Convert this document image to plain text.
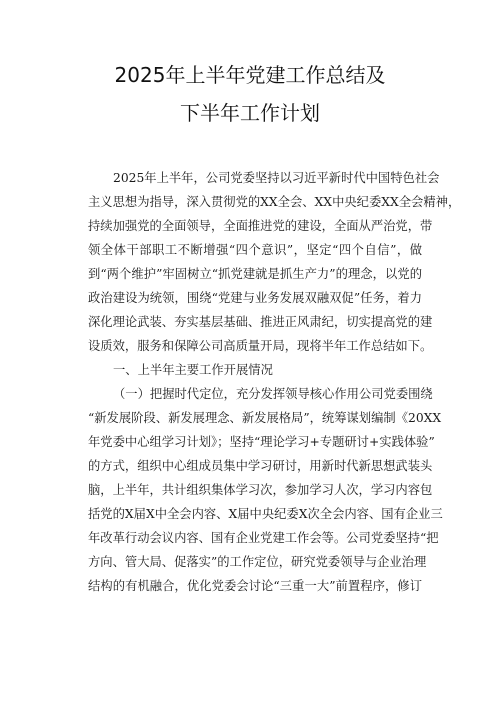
2025年上半年党建工作总结及
下半年工作计划
2025年上半年，公司党委坚持以习近平新时代中国特色社会
主义思想为指导，深入贯彻党的XX全会、XX中央纪委XX全会精神，
持续加强党的全面领导，全面推进党的建设，全面从严治党，带
领全体干部职工不断增强“四个意识”，坚定“四个自信”，做
到“两个维护”牢固树立“抓党建就是抓生产力”的理念，以党的
政治建设为统领，围绕“党建与业务发展双融双促”任务，着力
深化理论武装、夯实基层基础、推进正风肃纪，切实提高党的建
设质效，服务和保障公司高质量开局，现将半年工作总结如下。
一、上半年主要工作开展情况
（一）把握时代定位，充分发挥领导核心作用公司党委围绕
“新发展阶段、新发展理念、新发展格局”，统筹谋划编制《20XX
年党委中心组学习计划》；坚持“理论学习+专题研讨+实践体验”
的方式，组织中心组成员集中学习研讨，用新时代新思想武装头
脑，上半年，共计组织集体学习次，参加学习人次，学习内容包
括党的X届X中全会内容、X届中央纪委X次全会内容、国有企业三
年改革行动会议内容、国有企业党建工作会等。公司党委坚持“把
方向、管大局、促落实”的工作定位，研究党委领导与企业治理
结构的有机融合，优化党委会讨论“三重一大”前置程序，修订
